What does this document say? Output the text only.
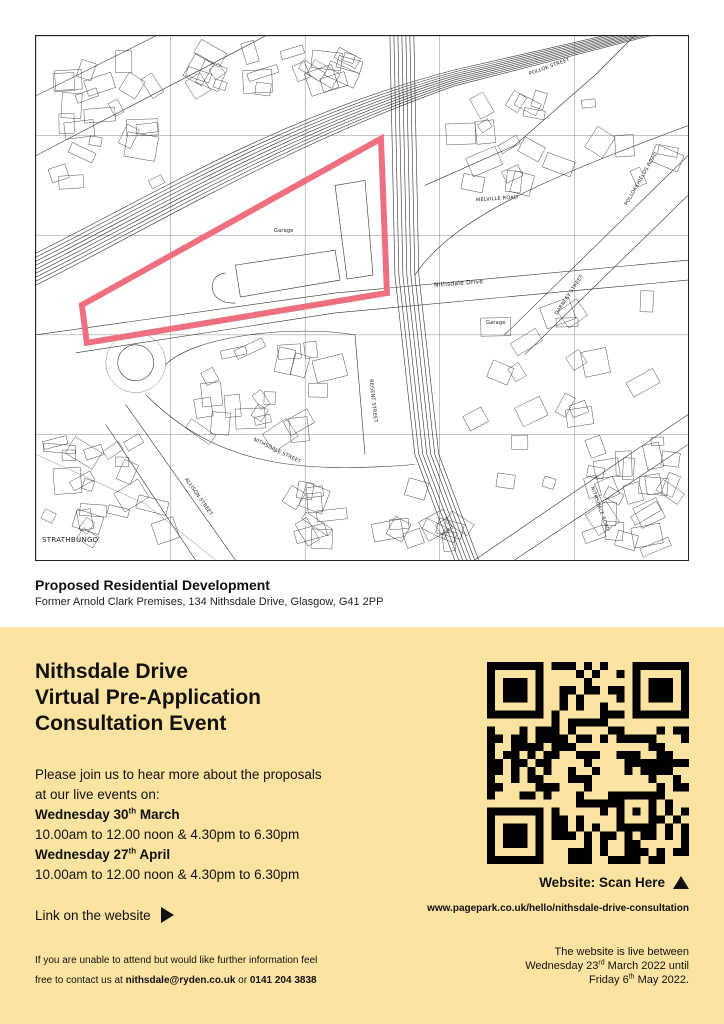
Garage
Nithsdale Drive
Garage
NITHSDALE STREET
REGENT STREET
POLLOK STREET
MELVILLE ROAD
DARNLEY STREET
ALLISON STREET	NITHSDALE ROAD
POLLOKSHIELDS ROAD
STRATHBUNGO
Proposed Residential Development
Former Arnold Clark Premises, 134 Nithsdale Drive, Glasgow, G41 2PP
Nithsdale Drive
Virtual Pre-Application
Consultation Event
Please join us to hear more about the proposals
at our live events on:
Wednesday 30th March
10.00am to 12.00 noon & 4.30pm to 6.30pm
Wednesday 27th April
10.00am to 12.00 noon & 4.30pm to 6.30pm
Link on the website
If you are unable to attend but would like further information feel
free to contact us at nithsdale@ryden.co.uk or 0141 204 3838
Website: Scan Here
www.pagepark.co.uk/hello/nithsdale-drive-consultation
The website is live between
Wednesday 23rd March 2022 until
Friday 6th May 2022.
